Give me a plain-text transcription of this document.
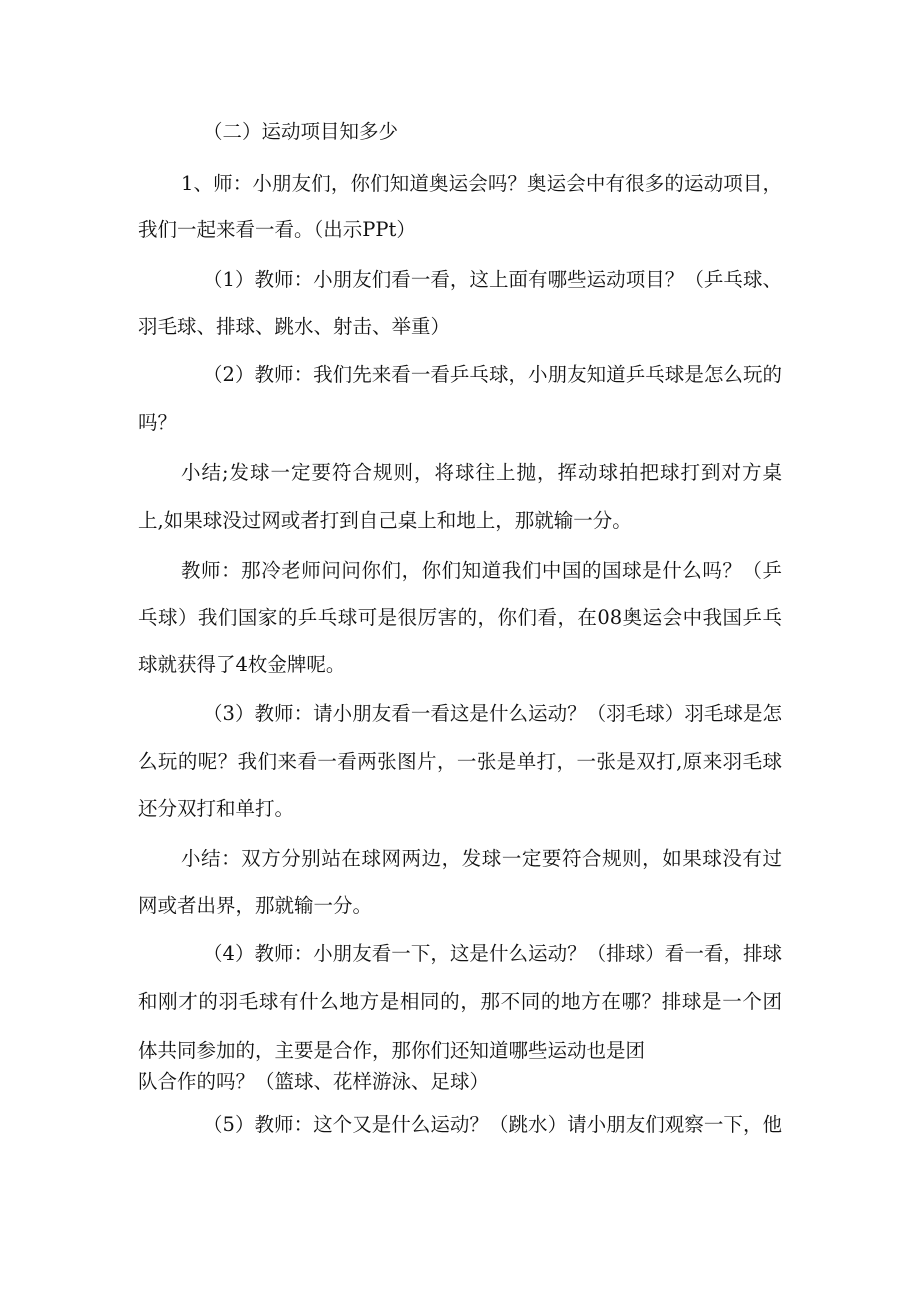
（二）运动项目知多少

1、师：小朋友们，你们知道奥运会吗？奥运会中有很多的运动项目，

我们一起来看一看。（出示PPt）

（1）教师：小朋友们看一看，这上面有哪些运动项目？（乒乓球、

羽毛球、排球、跳水、射击、举重）

（2）教师：我们先来看一看乒乓球，小朋友知道乒乓球是怎么玩的

吗？

小结;发球一定要符合规则，将球往上抛，挥动球拍把球打到对方桌

上,如果球没过网或者打到自己桌上和地上，那就输一分。

教师：那冷老师问问你们，你们知道我们中国的国球是什么吗？（乒

乓球）我们国家的乒乓球可是很厉害的，你们看，在08奥运会中我国乒乓

球就获得了4枚金牌呢。

（3）教师：请小朋友看一看这是什么运动？（羽毛球）羽毛球是怎

么玩的呢？我们来看一看两张图片，一张是单打，一张是双打,原来羽毛球

还分双打和单打。

小结：双方分别站在球网两边，发球一定要符合规则，如果球没有过

网或者出界，那就输一分。

（4）教师：小朋友看一下，这是什么运动？（排球）看一看，排球

和刚才的羽毛球有什么地方是相同的，那不同的地方在哪？排球是一个团

体共同参加的，主要是合作，那你们还知道哪些运动也是团

队合作的吗？（篮球、花样游泳、足球）

（5）教师：这个又是什么运动？（跳水）请小朋友们观察一下，他
